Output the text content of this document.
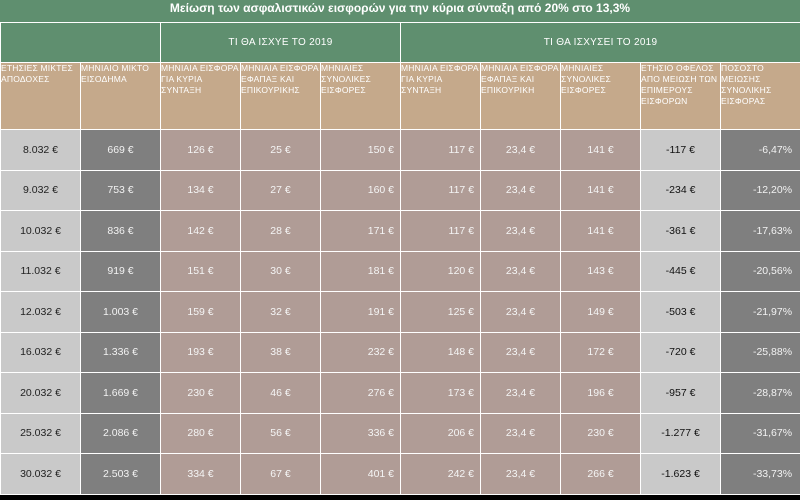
Μείωση των ασφαλιστικών εισφορών για την κύρια σύνταξη από 20% στο 13,3%
		ΤΙ ΘΑ ΙΣΧΥΕ ΤΟ 2019			ΤΙ ΘΑ ΙΣΧΥΣΕΙ ΤΟ 2019				
ΕΤΗΣΙΕΣ ΜΙΚΤΕΣ ΑΠΟΔΟΧΕΣ	ΜΗΝΙΑΙΟ ΜΙΚΤΟ ΕΙΣΟΔΗΜΑ	ΜΗΝΙΑΙΑ ΕΙΣΦΟΡΑ ΓΙΑ ΚΥΡΙΑ ΣΥΝΤΑΞΗ	ΜΗΝΙΑΙΑ ΕΙΣΦΟΡΑ ΕΦΑΠΑΞ ΚΑΙ ΕΠΙΚΟΥΡΙΚΗΣ	ΜΗΝΙΑΙΕΣ ΣΥΝΟΛΙΚΕΣ ΕΙΣΦΟΡΕΣ	ΜΗΝΙΑΙΑ ΕΙΣΦΟΡΑ ΓΙΑ ΚΥΡΙΑ ΣΥΝΤΑΞΗ	ΜΗΝΙΑΙΑ ΕΙΣΦΟΡΑ ΕΦΑΠΑΞ ΚΑΙ ΕΠΙΚΟΥΡΙΚΗ	ΜΗΝΙΑΙΕΣ ΣΥΝΟΛΙΚΕΣ ΕΙΣΦΟΡΕΣ	ΕΤΗΣΙΟ ΟΦΕΛΟΣ ΑΠΟ ΜΕΙΩΣΗ ΤΩΝ ΕΠΙΜΕΡΟΥΣ ΕΙΣΦΟΡΩΝ	ΠΟΣΟΣΤΟ ΜΕΙΩΣΗΣ ΣΥΝΟΛΙΚΗΣ ΕΙΣΦΟΡΑΣ
8.032 €	669 €	126 €	25 €	150 €	117 €	23,4 €	141 €	-117 €	-6,47%
9.032 €	753 €	134 €	27 €	160 €	117 €	23,4 €	141 €	-234 €	-12,20%
10.032 €	836 €	142 €	28 €	171 €	117 €	23,4 €	141 €	-361 €	-17,63%
11.032 €	919 €	151 €	30 €	181 €	120 €	23,4 €	143 €	-445 €	-20,56%
12.032 €	1.003 €	159 €	32 €	191 €	125 €	23,4 €	149 €	-503 €	-21,97%
16.032 €	1.336 €	193 €	38 €	232 €	148 €	23,4 €	172 €	-720 €	-25,88%
20.032 €	1.669 €	230 €	46 €	276 €	173 €	23,4 €	196 €	-957 €	-28,87%
25.032 €	2.086 €	280 €	56 €	336 €	206 €	23,4 €	230 €	-1.277 €	-31,67%
30.032 €	2.503 €	334 €	67 €	401 €	242 €	23,4 €	266 €	-1.623 €	-33,73%
